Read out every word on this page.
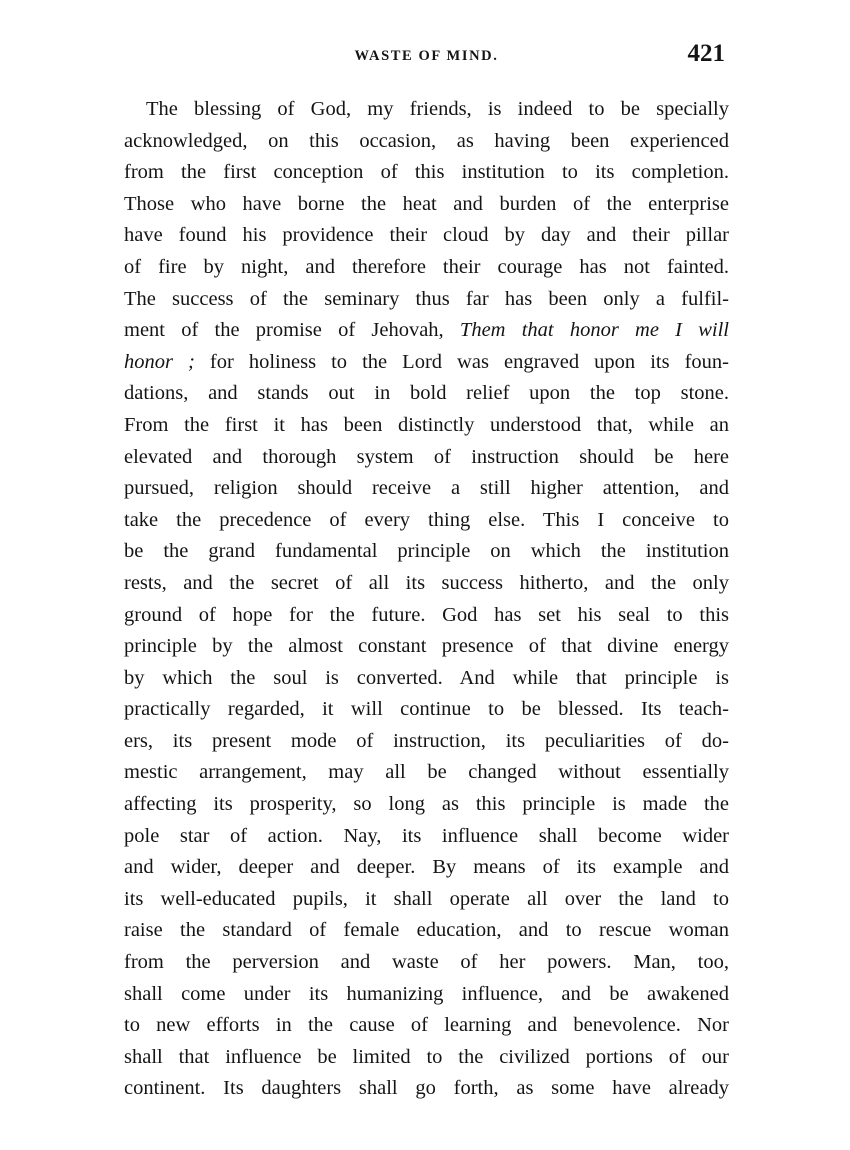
WASTE OF MIND.	421
The blessing of God, my friends, is indeed to be specially
acknowledged, on this occasion, as having been experienced
from the first conception of this institution to its completion.
Those who have borne the heat and burden of the enterprise
have found his providence their cloud by day and their pillar
of fire by night, and therefore their courage has not fainted.
The success of the seminary thus far has been only a fulfil-
ment of the promise of Jehovah, Them that honor me I will
honor ; for holiness to the Lord was engraved upon its foun-
dations, and stands out in bold relief upon the top stone.
From the first it has been distinctly understood that, while an
elevated and thorough system of instruction should be here
pursued, religion should receive a still higher attention, and
take the precedence of every thing else. This I conceive to
be the grand fundamental principle on which the institution
rests, and the secret of all its success hitherto, and the only
ground of hope for the future. God has set his seal to this
principle by the almost constant presence of that divine energy
by which the soul is converted. And while that principle is
practically regarded, it will continue to be blessed. Its teach-
ers, its present mode of instruction, its peculiarities of do-
mestic arrangement, may all be changed without essentially
affecting its prosperity, so long as this principle is made the
pole star of action. Nay, its influence shall become wider
and wider, deeper and deeper. By means of its example and
its well-educated pupils, it shall operate all over the land to
raise the standard of female education, and to rescue woman
from the perversion and waste of her powers. Man, too,
shall come under its humanizing influence, and be awakened
to new efforts in the cause of learning and benevolence. Nor
shall that influence be limited to the civilized portions of our
continent. Its daughters shall go forth, as some have already
